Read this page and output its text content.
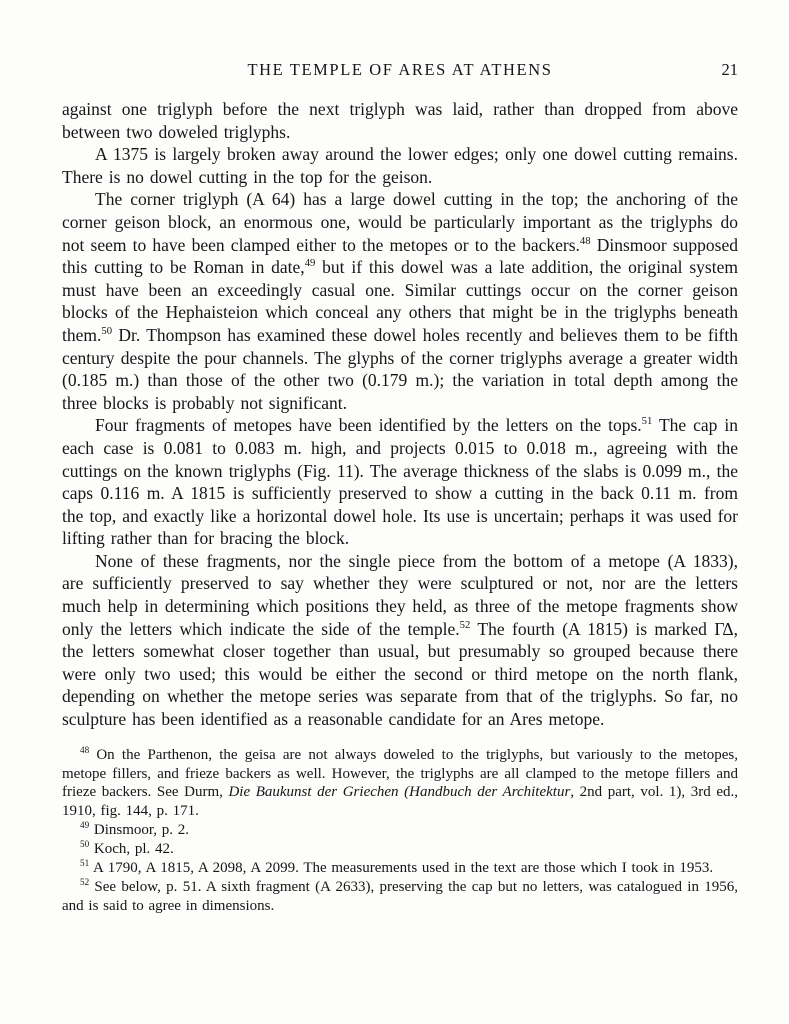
THE TEMPLE OF ARES AT ATHENS	21

against one triglyph before the next triglyph was laid, rather than dropped from above between two doweled triglyphs.

A 1375 is largely broken away around the lower edges; only one dowel cutting remains. There is no dowel cutting in the top for the geison.

The corner triglyph (A 64) has a large dowel cutting in the top; the anchoring of the corner geison block, an enormous one, would be particularly important as the triglyphs do not seem to have been clamped either to the metopes or to the backers.$^{48}$ Dinsmoor supposed this cutting to be Roman in date,$^{49}$ but if this dowel was a late addition, the original system must have been an exceedingly casual one. Similar cuttings occur on the corner geison blocks of the Hephaisteion which conceal any others that might be in the triglyphs beneath them.$^{50}$ Dr. Thompson has examined these dowel holes recently and believes them to be fifth century despite the pour channels. The glyphs of the corner triglyphs average a greater width (0.185 m.) than those of the other two (0.179 m.); the variation in total depth among the three blocks is probably not significant.

Four fragments of metopes have been identified by the letters on the tops.$^{51}$ The cap in each case is 0.081 to 0.083 m. high, and projects 0.015 to 0.018 m., agreeing with the cuttings on the known triglyphs (Fig. 11). The average thickness of the slabs is 0.099 m., the caps 0.116 m. A 1815 is sufficiently preserved to show a cutting in the back 0.11 m. from the top, and exactly like a horizontal dowel hole. Its use is uncertain; perhaps it was used for lifting rather than for bracing the block.

None of these fragments, nor the single piece from the bottom of a metope (A 1833), are sufficiently preserved to say whether they were sculptured or not, nor are the letters much help in determining which positions they held, as three of the metope fragments show only the letters which indicate the side of the temple.$^{52}$ The fourth (A 1815) is marked ΓΔ, the letters somewhat closer together than usual, but presumably so grouped because there were only two used; this would be either the second or third metope on the north flank, depending on whether the metope series was separate from that of the triglyphs. So far, no sculpture has been identified as a reasonable candidate for an Ares metope.

$^{48}$ On the Parthenon, the geisa are not always doweled to the triglyphs, but variously to the metopes, metope fillers, and frieze backers as well. However, the triglyphs are all clamped to the metope fillers and frieze backers. See Durm, Die Baukunst der Griechen (Handbuch der Architektur, 2nd part, vol. 1), 3rd ed., 1910, fig. 144, p. 171.

$^{49}$ Dinsmoor, p. 2.

$^{50}$ Koch, pl. 42.

$^{51}$ A 1790, A 1815, A 2098, A 2099. The measurements used in the text are those which I took in 1953.

$^{52}$ See below, p. 51. A sixth fragment (A 2633), preserving the cap but no letters, was catalogued in 1956, and is said to agree in dimensions.
